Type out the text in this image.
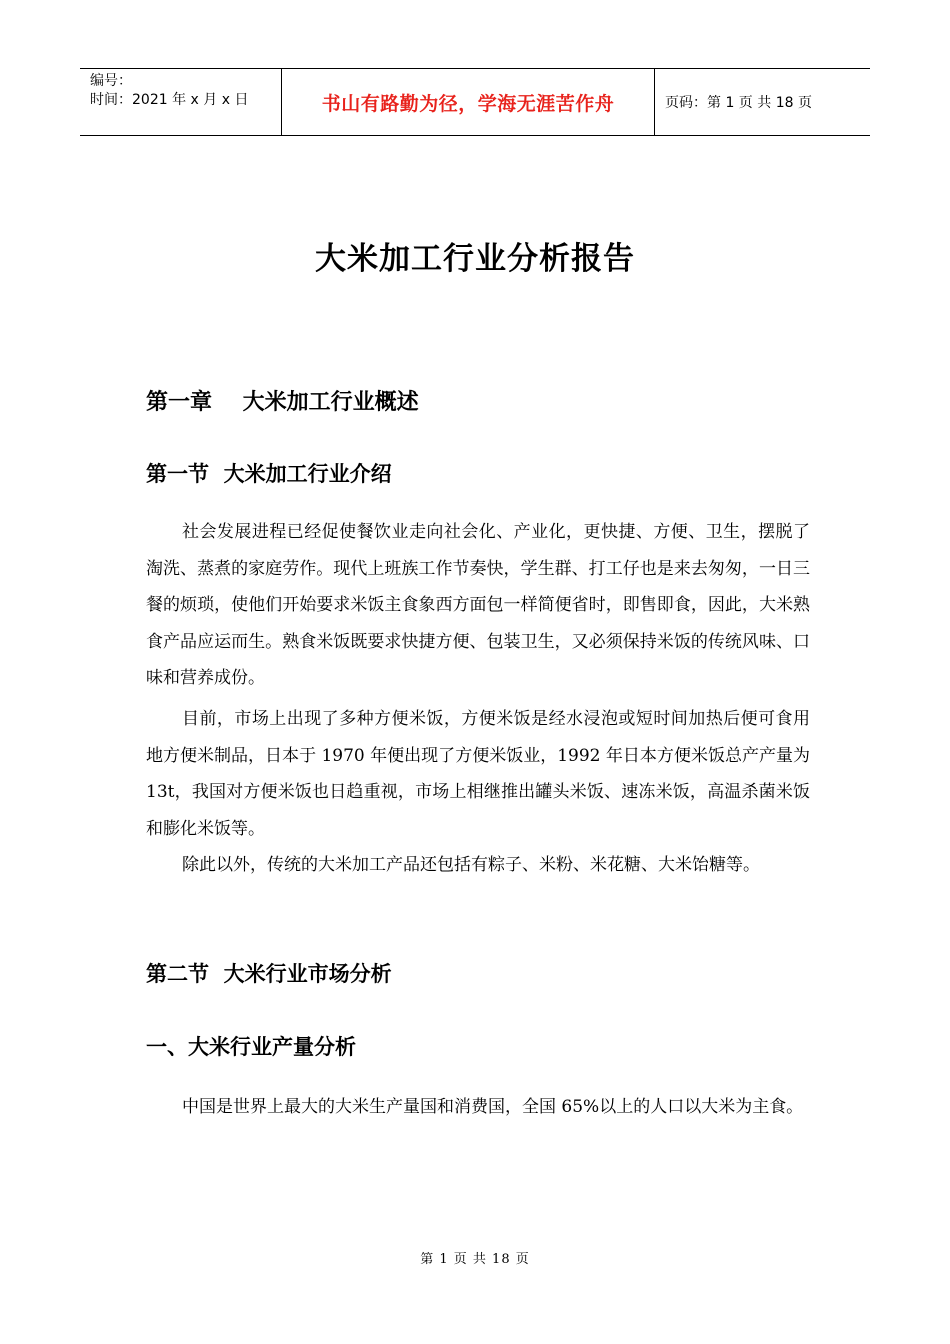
编号：
时间：2021 年 x 月 x 日	书山有路勤为径，学海无涯苦作舟	页码：第 1 页 共 18 页
大米加工行业分析报告
第一章    大米加工行业概述
第一节  大米加工行业介绍

社会发展进程已经促使餐饮业走向社会化、产业化，更快捷、方便、卫生，摆脱了淘洗、蒸煮的家庭劳作。现代上班族工作节奏快，学生群、打工仔也是来去匆匆，一日三餐的烦琐，使他们开始要求米饭主食象西方面包一样简便省时，即售即食，因此，大米熟食产品应运而生。熟食米饭既要求快捷方便、包装卫生，又必须保持米饭的传统风味、口味和营养成份。

目前，市场上出现了多种方便米饭，方便米饭是经水浸泡或短时间加热后便可食用地方便米制品，日本于 1970 年便出现了方便米饭业，1992 年日本方便米饭总产产量为 13t，我国对方便米饭也日趋重视，市场上相继推出罐头米饭、速冻米饭，高温杀菌米饭和膨化米饭等。

除此以外，传统的大米加工产品还包括有粽子、米粉、米花糖、大米饴糖等。

第二节  大米行业市场分析
一、大米行业产量分析

中国是世界上最大的大米生产量国和消费国，全国 65%以上的人口以大米为主食。

第 1 页 共 18 页
